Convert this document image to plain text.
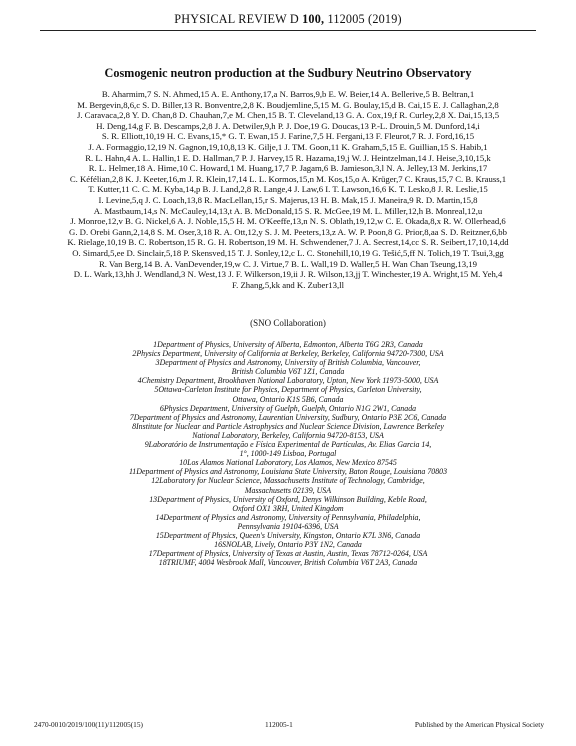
PHYSICAL REVIEW D 100, 112005 (2019)
Cosmogenic neutron production at the Sudbury Neutrino Observatory

B. Aharmim,7 S. N. Ahmed,15 A. E. Anthony,17,a N. Barros,9,b E. W. Beier,14 A. Bellerive,5 B. Beltran,1

M. Bergevin,8,6,c S. D. Biller,13 R. Bonventre,2,8 K. Boudjemline,5,15 M. G. Boulay,15,d B. Cai,15 E. J. Callaghan,2,8

J. Caravaca,2,8 Y. D. Chan,8 D. Chauhan,7,e M. Chen,15 B. T. Cleveland,13 G. A. Cox,19,f R. Curley,2,8 X. Dai,15,13,5

H. Deng,14,g F. B. Descamps,2,8 J. A. Detwiler,9,h P. J. Doe,19 G. Doucas,13 P.-L. Drouin,5 M. Dunford,14,i

S. R. Elliott,10,19 H. C. Evans,15,* G. T. Ewan,15 J. Farine,7,5 H. Fergani,13 F. Fleurot,7 R. J. Ford,16,15

J. A. Formaggio,12,19 N. Gagnon,19,10,8,13 K. Gilje,1 J. TM. Goon,11 K. Graham,5,15 E. Guillian,15 S. Habib,1

R. L. Hahn,4 A. L. Hallin,1 E. D. Hallman,7 P. J. Harvey,15 R. Hazama,19,j W. J. Heintzelman,14 J. Heise,3,10,15,k

R. L. Helmer,18 A. Hime,10 C. Howard,1 M. Huang,17,7 P. Jagam,6 B. Jamieson,3,l N. A. Jelley,13 M. Jerkins,17

C. Kéfélian,2,8 K. J. Keeter,16,m J. R. Klein,17,14 L. L. Kormos,15,n M. Kos,15,o A. Krüger,7 C. Kraus,15,7 C. B. Krauss,1

T. Kutter,11 C. C. M. Kyba,14,p B. J. Land,2,8 R. Lange,4 J. Law,6 I. T. Lawson,16,6 K. T. Lesko,8 J. R. Leslie,15

I. Levine,5,q J. C. Loach,13,8 R. MacLellan,15,r S. Majerus,13 H. B. Mak,15 J. Maneira,9 R. D. Martin,15,8

A. Mastbaum,14,s N. McCauley,14,13,t A. B. McDonald,15 S. R. McGee,19 M. L. Miller,12,h B. Monreal,12,u

J. Monroe,12,v B. G. Nickel,6 A. J. Noble,15,5 H. M. O'Keeffe,13,n N. S. Oblath,19,12,w C. E. Okada,8,x R. W. Ollerhead,6

G. D. Orebi Gann,2,14,8 S. M. Oser,3,18 R. A. Ott,12,y S. J. M. Peeters,13,z A. W. P. Poon,8 G. Prior,8,aa S. D. Reitzner,6,bb

K. Rielage,10,19 B. C. Robertson,15 R. G. H. Robertson,19 M. H. Schwendener,7 J. A. Secrest,14,cc S. R. Seibert,17,10,14,dd

O. Simard,5,ee D. Sinclair,5,18 P. Skensved,15 T. J. Sonley,12,c L. C. Stonehill,10,19 G. Tešić,5,ff N. Tolich,19 T. Tsui,3,gg

R. Van Berg,14 B. A. VanDevender,19,w C. J. Virtue,7 B. L. Wall,19 D. Waller,5 H. Wan Chan Tseung,13,19

D. L. Wark,13,hh J. Wendland,3 N. West,13 J. F. Wilkerson,19,ii J. R. Wilson,13,jj T. Winchester,19 A. Wright,15 M. Yeh,4

F. Zhang,5,kk and K. Zuber13,ll

(SNO Collaboration)

1Department of Physics, University of Alberta, Edmonton, Alberta T6G 2R3, Canada

2Physics Department, University of California at Berkeley, Berkeley, California 94720-7300, USA

3Department of Physics and Astronomy, University of British Columbia, Vancouver,

British Columbia V6T 1Z1, Canada

4Chemistry Department, Brookhaven National Laboratory, Upton, New York 11973-5000, USA

5Ottawa-Carleton Institute for Physics, Department of Physics, Carleton University,

Ottawa, Ontario K1S 5B6, Canada

6Physics Department, University of Guelph, Guelph, Ontario N1G 2W1, Canada

7Department of Physics and Astronomy, Laurentian University, Sudbury, Ontario P3E 2C6, Canada

8Institute for Nuclear and Particle Astrophysics and Nuclear Science Division, Lawrence Berkeley

National Laboratory, Berkeley, California 94720-8153, USA

9Laboratório de Instrumentação e Física Experimental de Partículas, Av. Elias Garcia 14,

1°, 1000-149 Lisboa, Portugal

10Los Alamos National Laboratory, Los Alamos, New Mexico 87545

11Department of Physics and Astronomy, Louisiana State University, Baton Rouge, Louisiana 70803

12Laboratory for Nuclear Science, Massachusetts Institute of Technology, Cambridge,

Massachusetts 02139, USA

13Department of Physics, University of Oxford, Denys Wilkinson Building, Keble Road,

Oxford OX1 3RH, United Kingdom

14Department of Physics and Astronomy, University of Pennsylvania, Philadelphia,

Pennsylvania 19104-6396, USA

15Department of Physics, Queen's University, Kingston, Ontario K7L 3N6, Canada

16SNOLAB, Lively, Ontario P3Y 1N2, Canada

17Department of Physics, University of Texas at Austin, Austin, Texas 78712-0264, USA

18TRIUMF, 4004 Wesbrook Mall, Vancouver, British Columbia V6T 2A3, Canada

2470-0010/2019/100(11)/112005(15)	112005-1	Published by the American Physical Society
